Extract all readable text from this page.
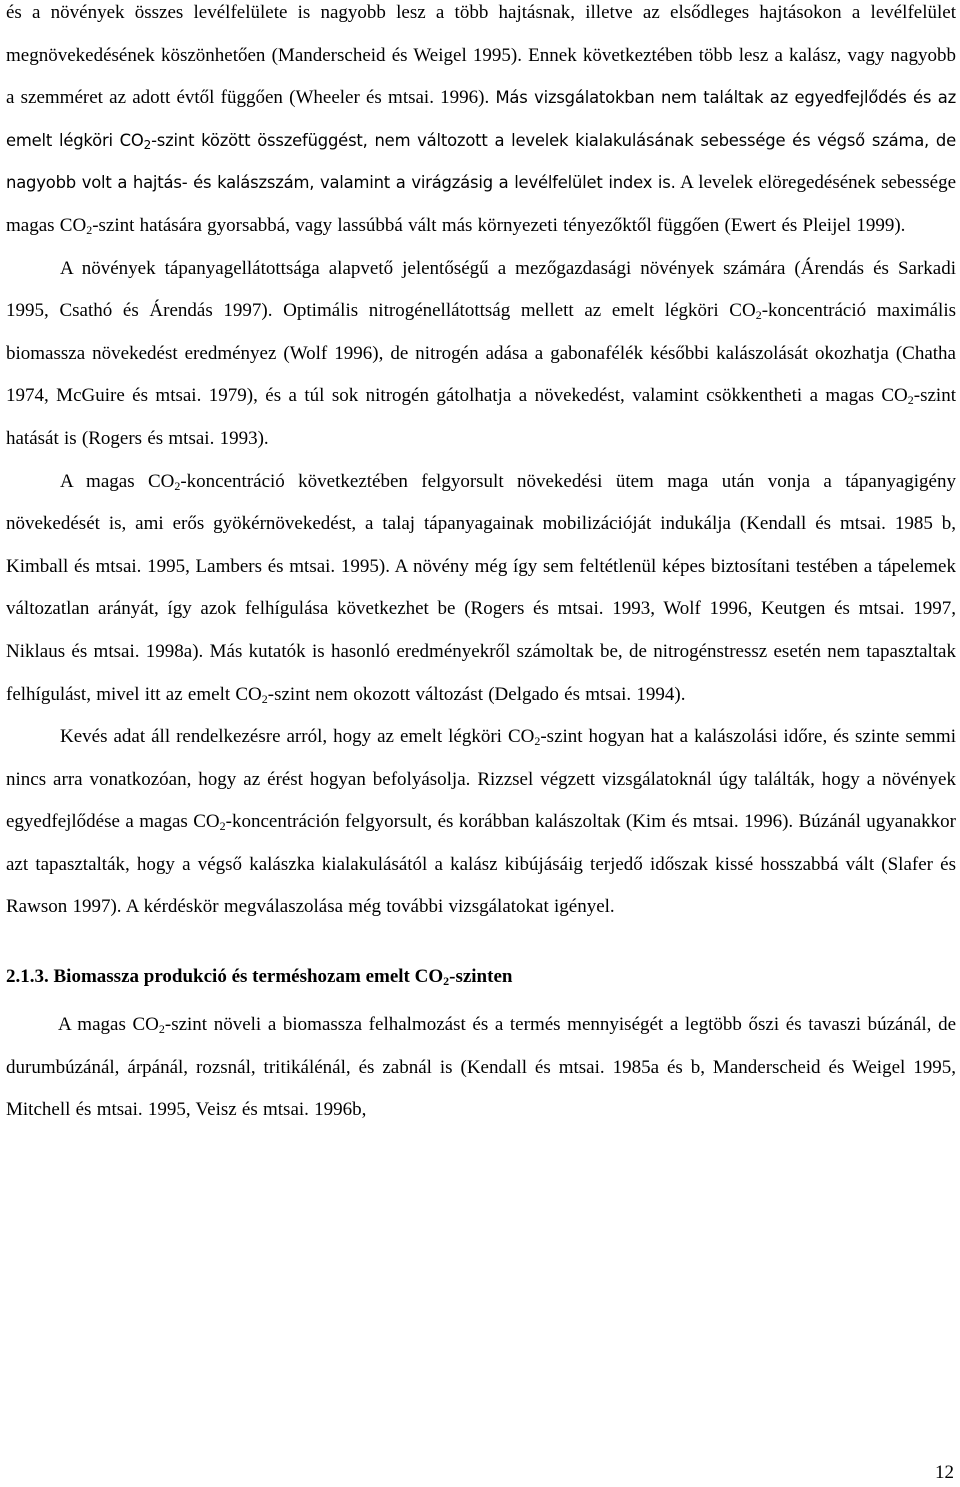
és a növények összes levélfelülete is nagyobb lesz a több hajtásnak, illetve az elsődleges hajtásokon a levélfelület megnövekedésének köszönhetően (Manderscheid és Weigel 1995). Ennek következtében több lesz a kalász, vagy nagyobb a szemméret az adott évtől függően (Wheeler és mtsai. 1996). Más vizsgálatokban nem találtak az egyedfejlődés és az emelt légköri $CO_2$-szint között összefüggést, nem változott a levelek kialakulásának sebessége és végső száma, de nagyobb volt a hajtás- és kalászszám, valamint a virágzásig a levélfelület index is. A levelek elöregedésének sebessége magas $CO_2$-szint hatására gyorsabbá, vagy lassúbbá vált más környezeti tényezőktől függően (Ewert és Pleijel 1999).

A növények tápanyagellátottsága alapvető jelentőségű a mezőgazdasági növények számára (Árendás és Sarkadi 1995, Csathó és Árendás 1997). Optimális nitrogénellátottság mellett az emelt légköri $CO_2$-koncentráció maximális biomassza növekedést eredményez (Wolf 1996), de nitrogén adása a gabonafélék későbbi kalászolását okozhatja (Chatha 1974, McGuire és mtsai. 1979), és a túl sok nitrogén gátolhatja a növekedést, valamint csökkentheti a magas $CO_2$-szint hatását is (Rogers és mtsai. 1993).

A magas $CO_2$-koncentráció következtében felgyorsult növekedési ütem maga után vonja a tápanyagigény növekedését is, ami erős gyökérnövekedést, a talaj tápanyagainak mobilizációját indukálja (Kendall és mtsai. 1985 b, Kimball és mtsai. 1995, Lambers és mtsai. 1995). A növény még így sem feltétlenül képes biztosítani testében a tápelemek változatlan arányát, így azok felhígulása következhet be (Rogers és mtsai. 1993, Wolf 1996, Keutgen és mtsai. 1997, Niklaus és mtsai. 1998a). Más kutatók is hasonló eredményekről számoltak be, de nitrogénstressz esetén nem tapasztaltak felhígulást, mivel itt az emelt $CO_2$-szint nem okozott változást (Delgado és mtsai. 1994).

Kevés adat áll rendelkezésre arról, hogy az emelt légköri $CO_2$-szint hogyan hat a kalászolási időre, és szinte semmi nincs arra vonatkozóan, hogy az érést hogyan befolyásolja. Rizzsel végzett vizsgálatoknál úgy találták, hogy a növények egyedfejlődése a magas $CO_2$-koncentráción felgyorsult, és korábban kalászoltak (Kim és mtsai. 1996). Búzánál ugyanakkor azt tapasztalták, hogy a végső kalászka kialakulásától a kalász kibújásáig terjedő időszak kissé hosszabbá vált (Slafer és Rawson 1997). A kérdéskör megválaszolása még további vizsgálatokat igényel.

2.1.3. Biomassza produkció és terméshozam emelt $CO_2$-szinten

A magas $CO_2$-szint növeli a biomassza felhalmozást és a termés mennyiségét a legtöbb őszi és tavaszi búzánál, de durumbúzánál, árpánál, rozsnál, tritikálénál, és zabnál is (Kendall és mtsai. 1985a és b, Manderscheid és Weigel 1995, Mitchell és mtsai. 1995, Veisz és mtsai. 1996b,

12
